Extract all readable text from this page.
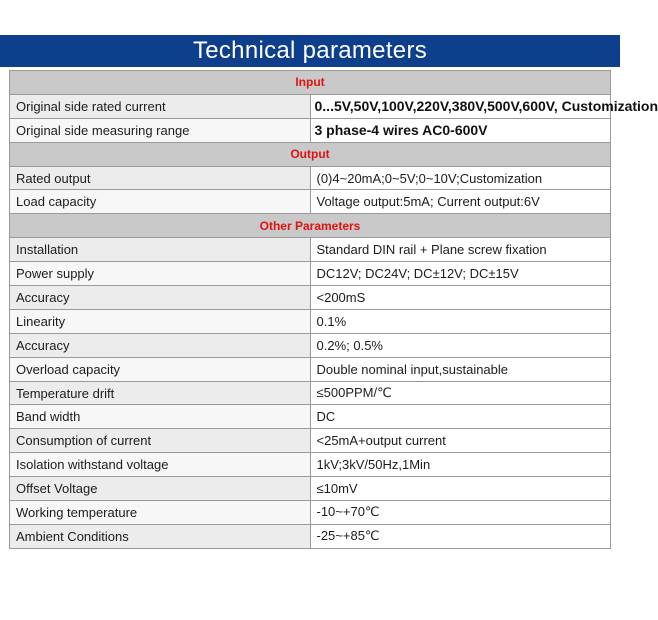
Technical parameters
Input	
Original side rated current	0...5V,50V,100V,220V,380V,500V,600V, Customization
Original side measuring range	3 phase-4 wires AC0-600V
Output	
Rated output	(0)4~20mA;0~5V;0~10V;Customization
Load capacity	Voltage output:5mA; Current output:6V
Other Parameters	
Installation	Standard DIN rail + Plane screw fixation
Power supply	DC12V; DC24V; DC±12V; DC±15V
Accuracy	<200mS
Linearity	0.1%
Accuracy	0.2%; 0.5%
Overload capacity	Double nominal input,sustainable
Temperature drift	≤500PPM/℃
Band width	DC
Consumption of current	<25mA+output current
Isolation withstand voltage	1kV;3kV/50Hz,1Min
Offset Voltage	≤10mV
Working temperature	-10~+70℃
Ambient Conditions	-25~+85℃
